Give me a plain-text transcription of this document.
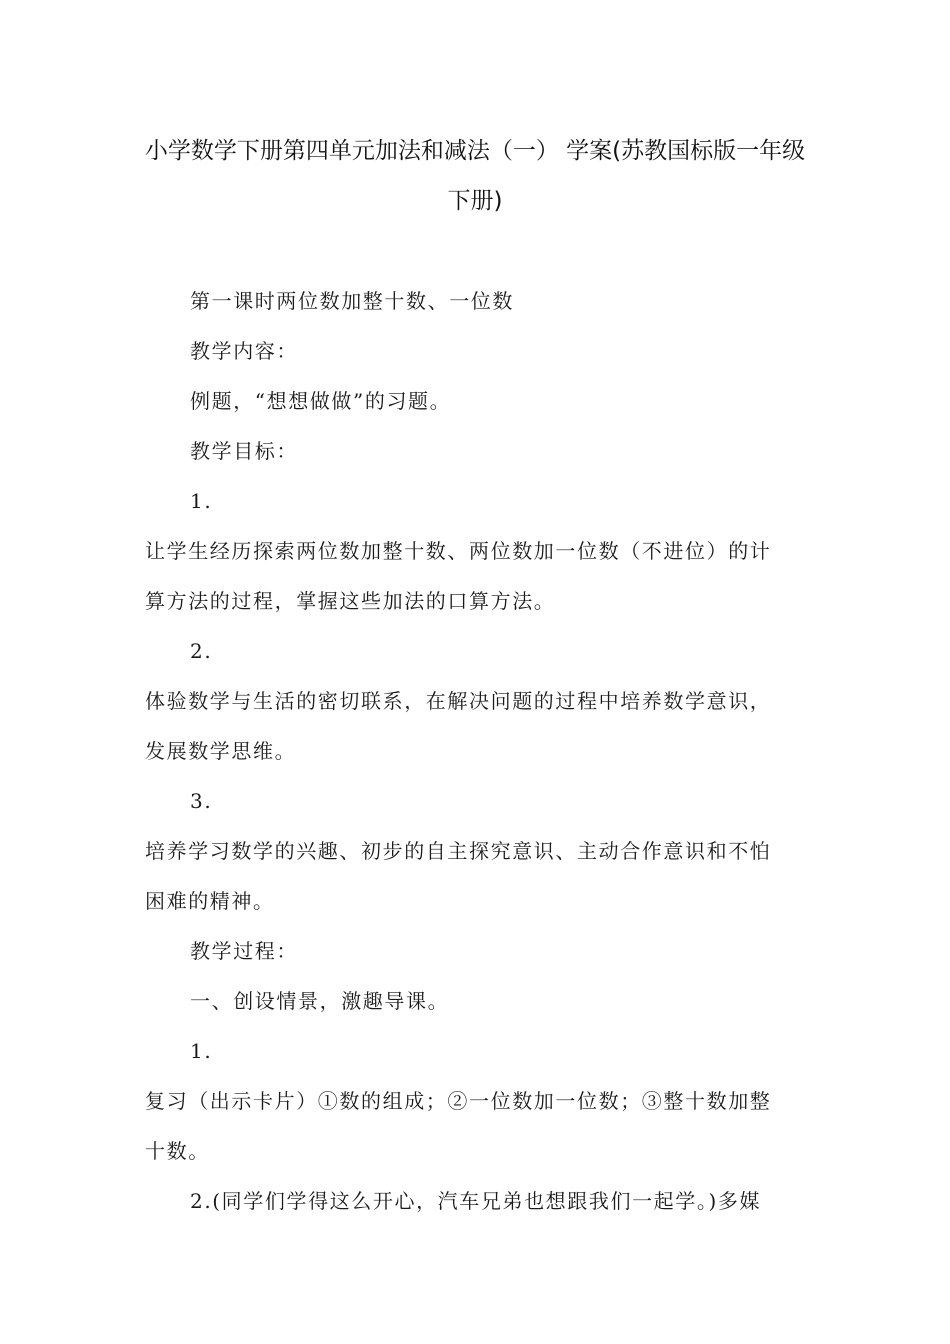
小学数学下册第四单元加法和减法（一） 学案(苏教国标版一年级
下册)
第一课时两位数加整十数、一位数
教学内容：
例题，“想想做做”的习题。
教学目标：
1.
让学生经历探索两位数加整十数、两位数加一位数（不进位）的计
算方法的过程，掌握这些加法的口算方法。
2.
体验数学与生活的密切联系，在解决问题的过程中培养数学意识，
发展数学思维。
3.
培养学习数学的兴趣、初步的自主探究意识、主动合作意识和不怕
困难的精神。
教学过程：
一、创设情景，激趣导课。
1.
复习（出示卡片）①数的组成；②一位数加一位数；③整十数加整
十数。
2.(同学们学得这么开心，汽车兄弟也想跟我们一起学。)多媒
